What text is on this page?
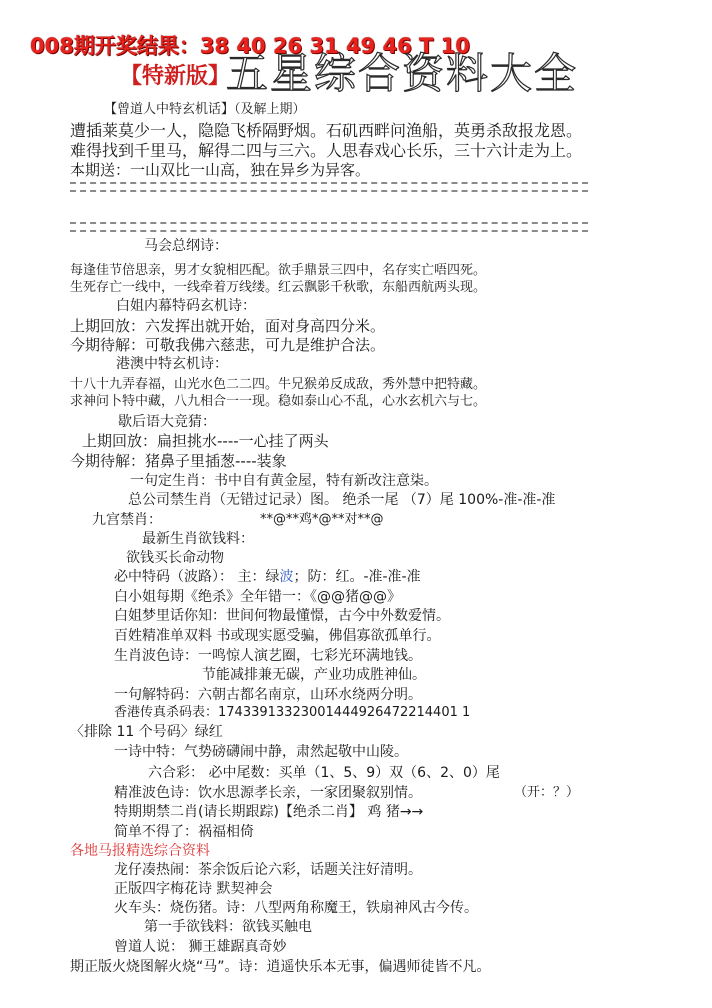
008期开奖结果：38 40 26 31 49 46 T 10
【特新版】
五星综合资料大全
【曾道人中特玄机话】（及解上期）
遭插莱莫少一人，隐隐飞桥隔野烟。石矶西畔问渔船，英勇杀敌报龙恩。
难得找到千里马，解得二四与三六。人思春戏心长乐，三十六计走为上。
本期送：一山双比一山高，独在异乡为异客。
马会总纲诗：
每逢佳节倍思亲，男才女貌相匹配。欲手鼎景三四中，名存实亡唔四死。
生死存亡一线中，一线牵着万线缕。红云飘影千秋歌，东船西航两头现。
白姐内幕特码玄机诗：
上期回放：六发挥出就开始，面对身高四分米。
今期待解：可敬我佛六慈悲，可九是维护合法。
港澳中特玄机诗：
十八十九弄春福，山光水色二二四。牛兄猴弟反成敌，秀外慧中把特藏。
求神问卜特中藏，八九相合一一现。稳如泰山心不乱，心水玄机六与七。
歇后语大竞猜：
上期回放：扁担挑水----一心挂了两头
今期待解：猪鼻子里插葱----装象
一句定生肖：书中自有黄金屋，特有新改注意柒。
总公司禁生肖（无错过记录）图。 绝杀一尾 （7）尾 100%-准-准-准
九宫禁肖：	**@**鸡*@**对**@
最新生肖欲钱料：
欲钱买长命动物
必中特码（波路）： 主：绿波；防：红。-准-准-准
白小姐每期《绝杀》全年错一：《@@猪@@》
白姐梦里话你知：世间何物最懂憬，古今中外数爱情。
百姓精准单双料 书或现实愿受骗，佛倡寡欲孤单行。
生肖波色诗：一鸣惊人演艺圈，七彩光环满地钱。
节能减排兼无碳，产业功成胜神仙。
一句解特码：六朝古都名南京，山环水绕两分明。
香港传真杀码表：17433913323001444926472214401 1
〈排除 11 个号码〉绿红
一诗中特：气势磅礴闹中静，肃然起敬中山陵。
六合彩： 必中尾数：买单（1、5、9）双（6、2、0）尾
精准波色诗：饮水思源孝长亲，一家团聚叙别情。	（开：？）
特期期禁二肖(请长期跟踪)【绝杀二肖】 鸡 猪→→
简单不得了：祸福相倚
各地马报精选综合资料
龙仔凑热闹：茶余饭后论六彩，话题关注好清明。
正版四字梅花诗 默契神会
火车头：烧伤猪。诗：八型两角称魔王，铁扇神风古今传。
第一手欲钱料：欲钱买触电
曾道人说： 狮王雄踞真奇妙
期正版火烧图解火烧“马”。诗：逍遥快乐本无事，偏遇师徒皆不凡。
